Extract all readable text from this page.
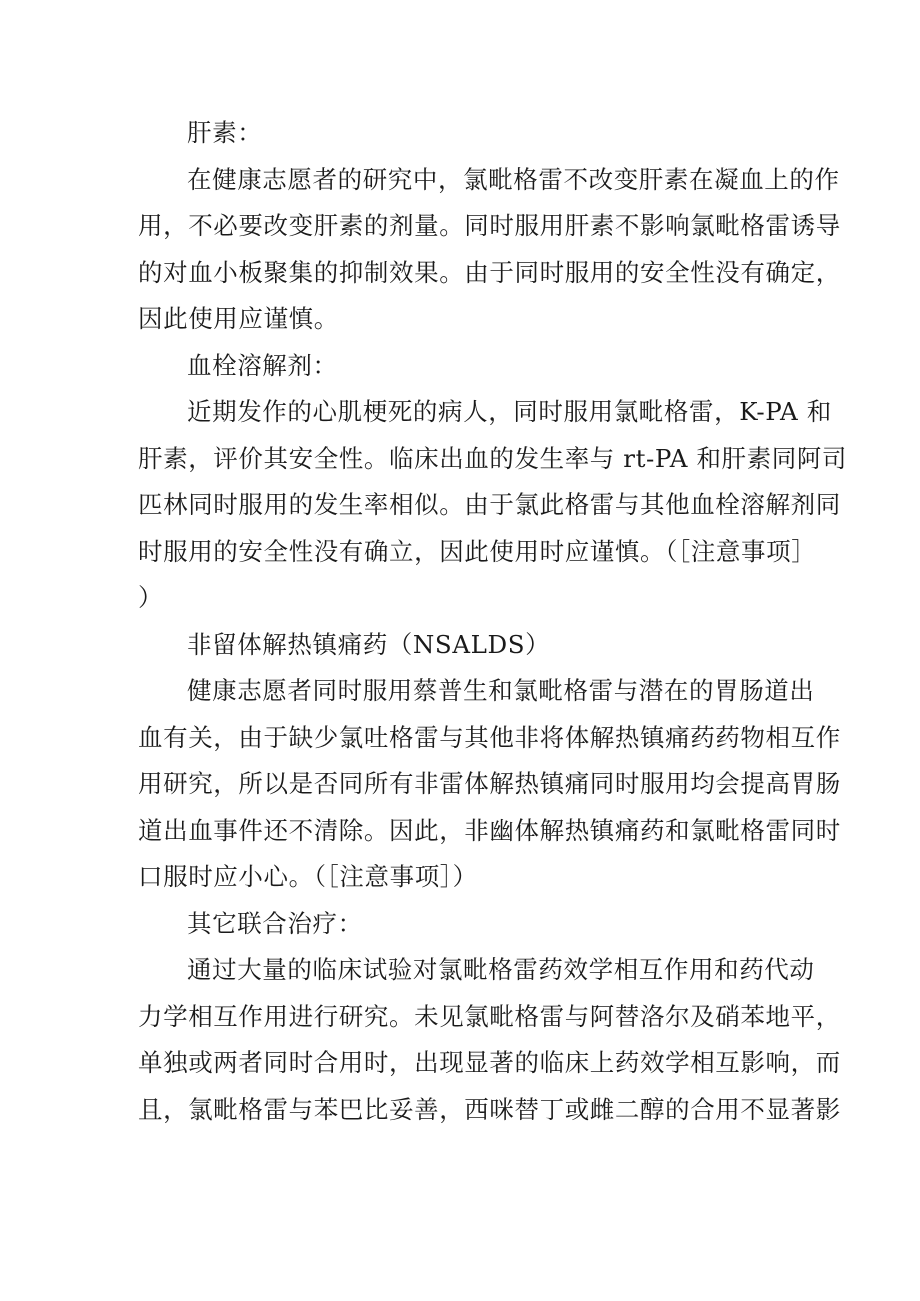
肝素：

在健康志愿者的研究中，氯毗格雷不改变肝素在凝血上的作

用，不必要改变肝素的剂量。同时服用肝素不影响氯毗格雷诱导

的对血小板聚集的抑制效果。由于同时服用的安全性没有确定，

因此使用应谨慎。

血栓溶解剂：

近期发作的心肌梗死的病人，同时服用氯毗格雷，K-PA 和

肝素，评价其安全性。临床出血的发生率与 rt-PA 和肝素同阿司

匹林同时服用的发生率相似。由于氯此格雷与其他血栓溶解剂同

时服用的安全性没有确立，因此使用时应谨慎。（［注意事项］

）

非留体解热镇痛药（NSALDS）

健康志愿者同时服用蔡普生和氯毗格雷与潜在的胃肠道出

血有关，由于缺少氯吐格雷与其他非将体解热镇痛药药物相互作

用研究，所以是否同所有非雷体解热镇痛同时服用均会提高胃肠

道出血事件还不清除。因此，非幽体解热镇痛药和氯毗格雷同时

口服时应小心。（［注意事项］）

其它联合治疗：

通过大量的临床试验对氯毗格雷药效学相互作用和药代动

力学相互作用进行研究。未见氯毗格雷与阿替洛尔及硝苯地平，

单独或两者同时合用时，出现显著的临床上药效学相互影响，而

且，氯毗格雷与苯巴比妥善，西咪替丁或雌二醇的合用不显著影
